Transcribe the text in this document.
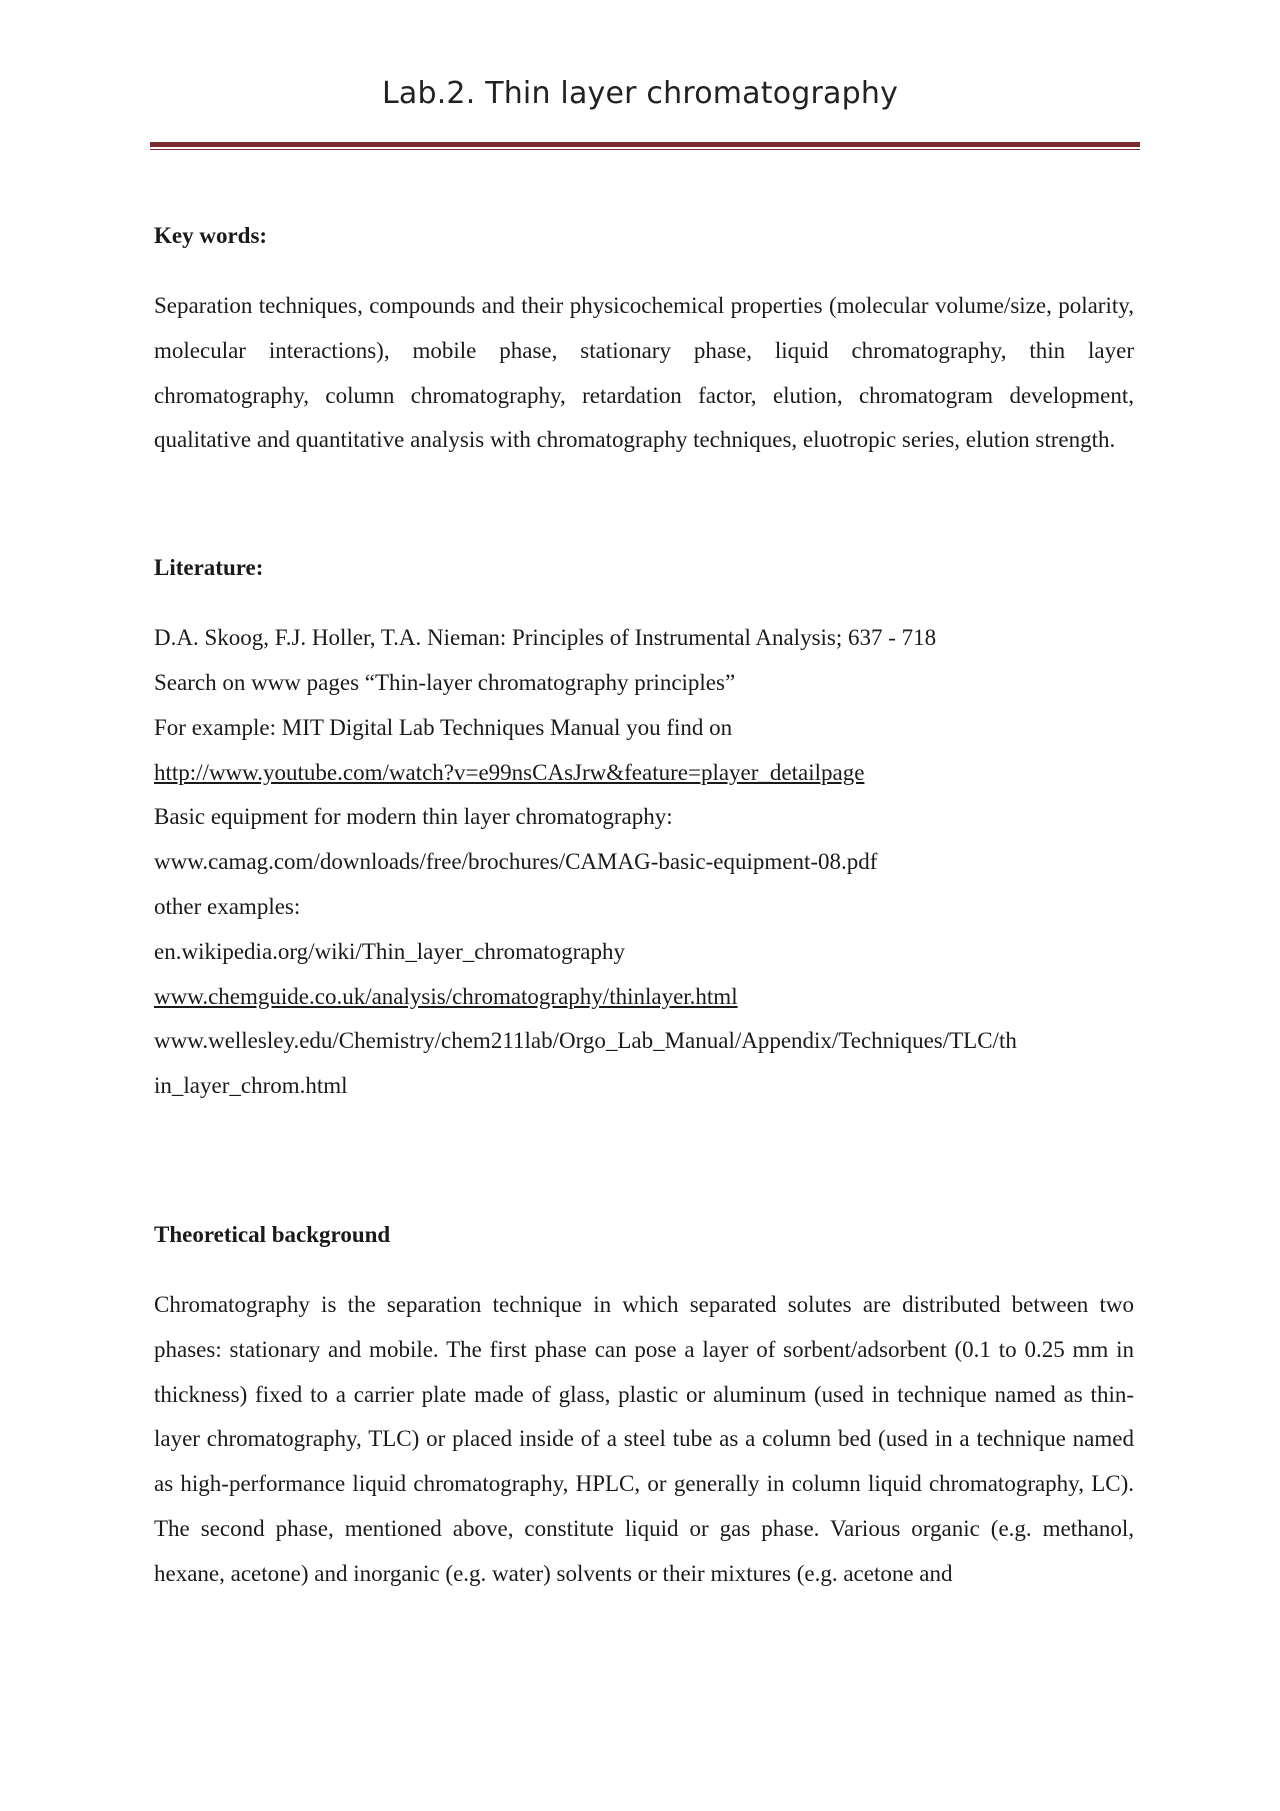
Lab.2. Thin layer chromatography

Key words:

Separation techniques, compounds and their physicochemical properties (molecular volume/size, polarity, molecular interactions), mobile phase, stationary phase, liquid chromatography, thin layer chromatography, column chromatography, retardation factor, elution, chromatogram development, qualitative and quantitative analysis with chromatography techniques, eluotropic series, elution strength.

Literature:

D.A. Skoog, F.J. Holler, T.A. Nieman: Principles of Instrumental Analysis; 637 - 718
Search on www pages “Thin-layer chromatography principles”
For example: MIT Digital Lab Techniques Manual you find on
http://www.youtube.com/watch?v=e99nsCAsJrw&feature=player_detailpage
Basic equipment for modern thin layer chromatography:
www.camag.com/downloads/free/brochures/CAMAG-basic-equipment-08.pdf
other examples:
en.wikipedia.org/wiki/Thin_layer_chromatography
www.chemguide.co.uk/analysis/chromatography/thinlayer.html
www.wellesley.edu/Chemistry/chem211lab/Orgo_Lab_Manual/Appendix/Techniques/TLC/th
in_layer_chrom.html

Theoretical background

Chromatography is the separation technique in which separated solutes are distributed between two phases: stationary and mobile. The first phase can pose a layer of sorbent/adsorbent (0.1 to 0.25 mm in thickness) fixed to a carrier plate made of glass, plastic or aluminum (used in technique named as thin-layer chromatography, TLC) or placed inside of a steel tube as a column bed (used in a technique named as high-performance liquid chromatography, HPLC, or generally in column liquid chromatography, LC). The second phase, mentioned above, constitute liquid or gas phase. Various organic (e.g. methanol, hexane, acetone) and inorganic (e.g. water) solvents or their mixtures (e.g. acetone and
